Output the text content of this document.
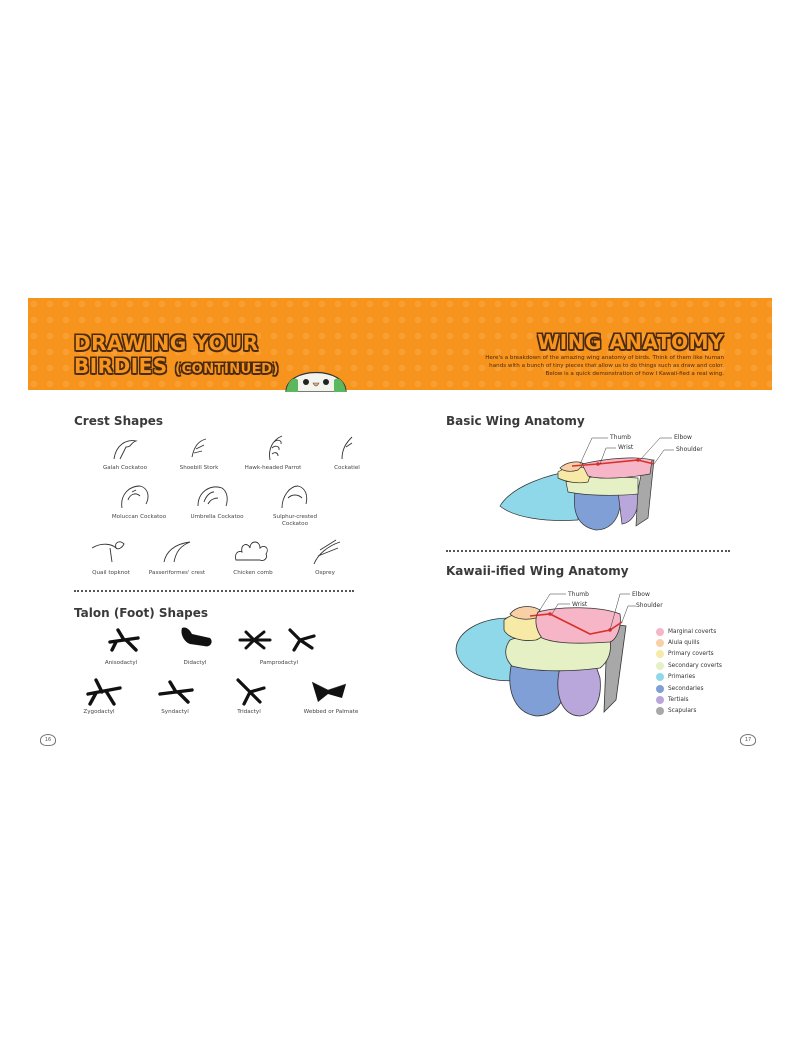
DRAWING YOUR
BIRDIES (CONTINUED)
WING ANATOMY

Here's a breakdown of the amazing wing anatomy of birds. Think of them like human hands with a bunch of tiny pieces that allow us to do things such as draw and color. Below is a quick demonstration of how I Kawaii-fied a real wing.

Crest Shapes
Galah Cockatoo	Shoebill Stork	Hawk-headed Parrot	Cockatiel
Moluccan Cockatoo	Umbrella Cockatoo	Sulphur-crested Cockatoo
Quail topknot	Passeriformes' crest	Chicken comb	Osprey
Talon (Foot) Shapes
Anisodactyl	Didactyl	Pamprodactyl
Zygodactyl	Syndactyl	Tridactyl	Webbed or Palmate
16
Basic Wing Anatomy
Thumb
Wrist
Elbow
Shoulder
Kawaii-ified Wing Anatomy
Thumb
Wrist
Elbow
Shoulder
Marginal coverts
Alula quills
Primary coverts
Secondary coverts
Primaries
Secondaries
Tertials
Scapulars
17
